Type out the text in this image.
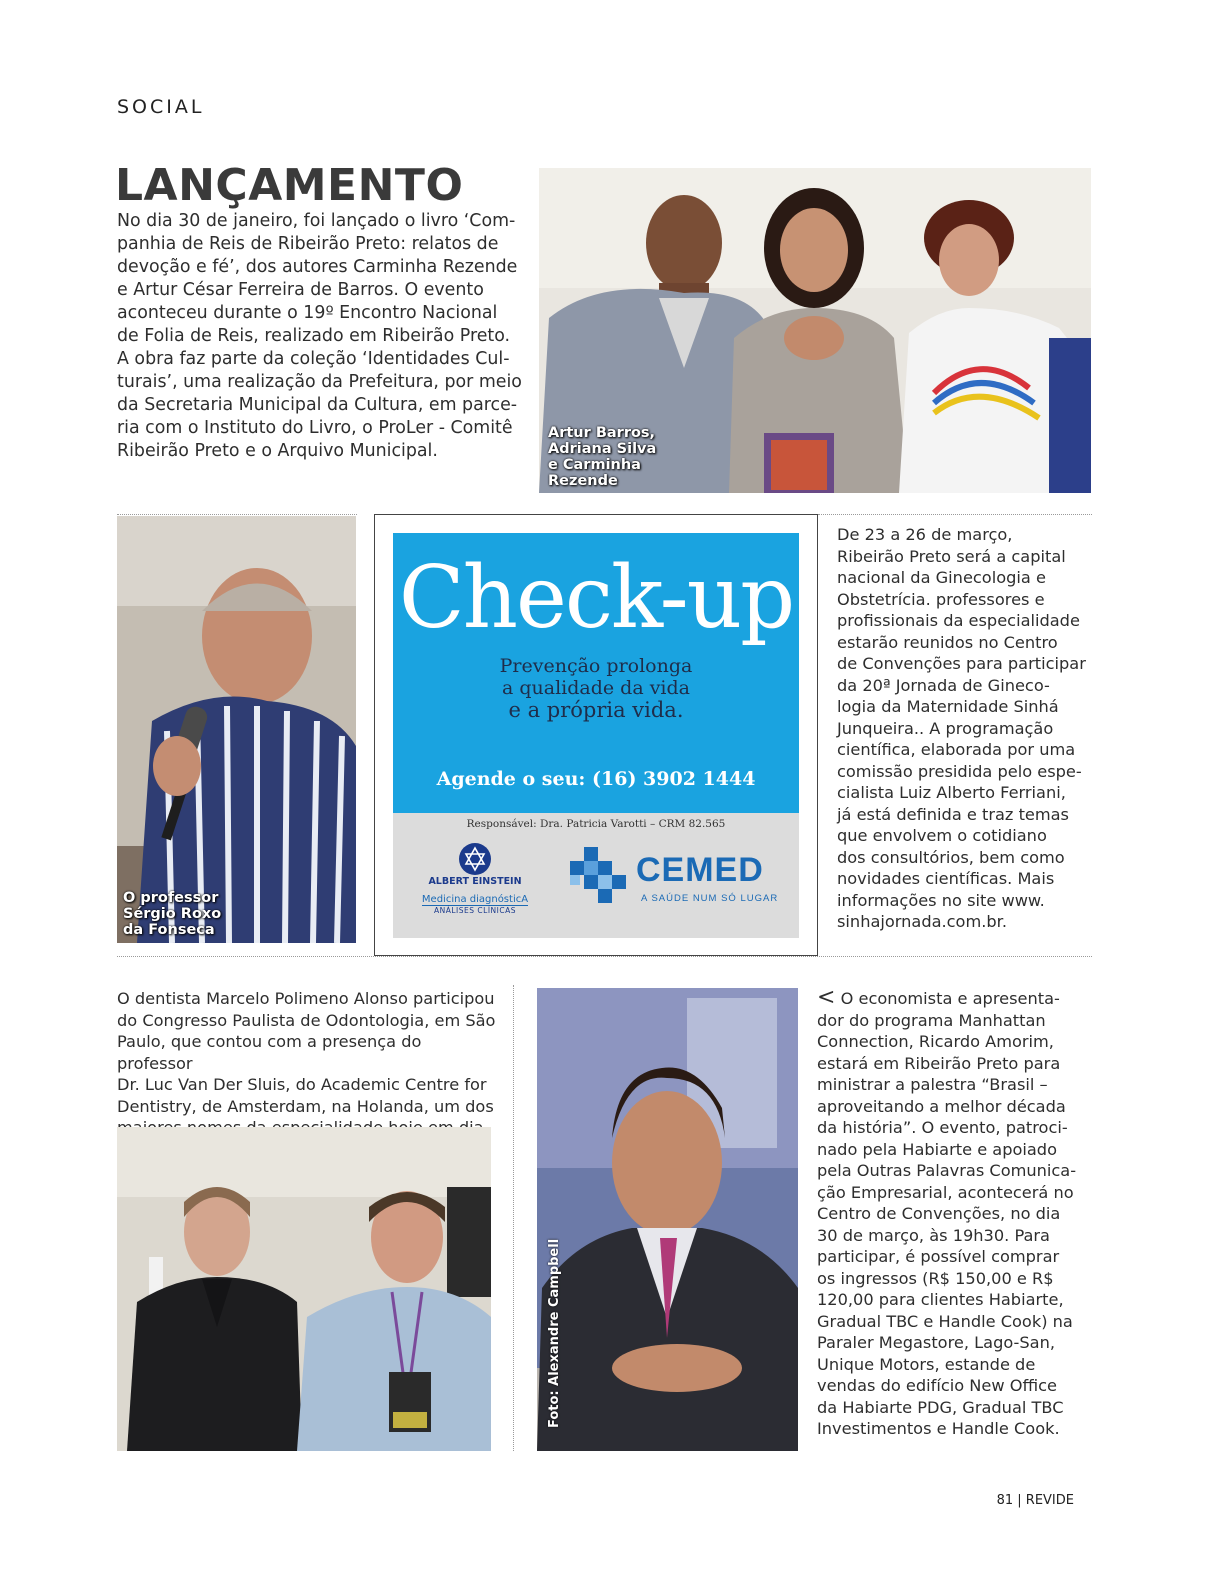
SOCIAL
LANÇAMENTO

No dia 30 de janeiro, foi lançado o livro ‘Com-

panhia de Reis de Ribeirão Preto: relatos de

devoção e fé’, dos autores Carminha Rezende

e Artur César Ferreira de Barros. O evento

aconteceu durante o 19º Encontro Nacional

de Folia de Reis, realizado em Ribeirão Preto.

A obra faz parte da coleção ‘Identidades Cul-

turais’, uma realização da Prefeitura, por meio

da Secretaria Municipal da Cultura, em parce-

ria com o Instituto do Livro, o ProLer - Comitê

Ribeirão Preto e o Arquivo Municipal.

Artur Barros,
Adriana Silva
e Carminha
Rezende
O professor
Sérgio Roxo
da Fonseca
Check-up
Prevenção prolonga
a qualidade da vida
e a própria vida.
Agende o seu: (16) 3902 1444
Responsável: Dra. Patricia Varotti – CRM 82.565
ALBERT EINSTEIN
Medicina diagnósticA
ANÁLISES CLÍNICAS
CEMED
A SAÚDE NUM SÓ LUGAR

De 23 a 26 de março,

Ribeirão Preto será a capital

nacional da Ginecologia e

Obstetrícia. professores e

profissionais da especialidade

estarão reunidos no Centro

de Convenções para participar

da 20ª Jornada de Gineco-

logia da Maternidade Sinhá

Junqueira.. A programação

científica, elaborada por uma

comissão presidida pelo espe-

cialista Luiz Alberto Ferriani,

já está definida e traz temas

que envolvem o cotidiano

dos consultórios, bem como

novidades científicas. Mais

informações no site www.

sinhajornada.com.br.

O dentista Marcelo Polimeno Alonso participou

do Congresso Paulista de Odontologia, em São

Paulo, que contou com a presença do professor

Dr. Luc Van Der Sluis, do Academic Centre for

Dentistry, de Amsterdam, na Holanda, um dos

Foto: Alexandre Campbell

< O economista e apresenta-

dor do programa Manhattan

Connection, Ricardo Amorim,

estará em Ribeirão Preto para

ministrar a palestra “Brasil –

aproveitando a melhor década

da história”. O evento, patroci-

nado pela Habiarte e apoiado

pela Outras Palavras Comunica-

ção Empresarial, acontecerá no

Centro de Convenções, no dia

30 de março, às 19h30. Para

participar, é possível comprar

os ingressos (R$ 150,00 e R$

120,00 para clientes Habiarte,

Gradual TBC e Handle Cook) na

Paraler Megastore, Lago-San,

Unique Motors, estande de

vendas do edifício New Office

da Habiarte PDG, Gradual TBC

Investimentos e Handle Cook.

81 | REVIDE
